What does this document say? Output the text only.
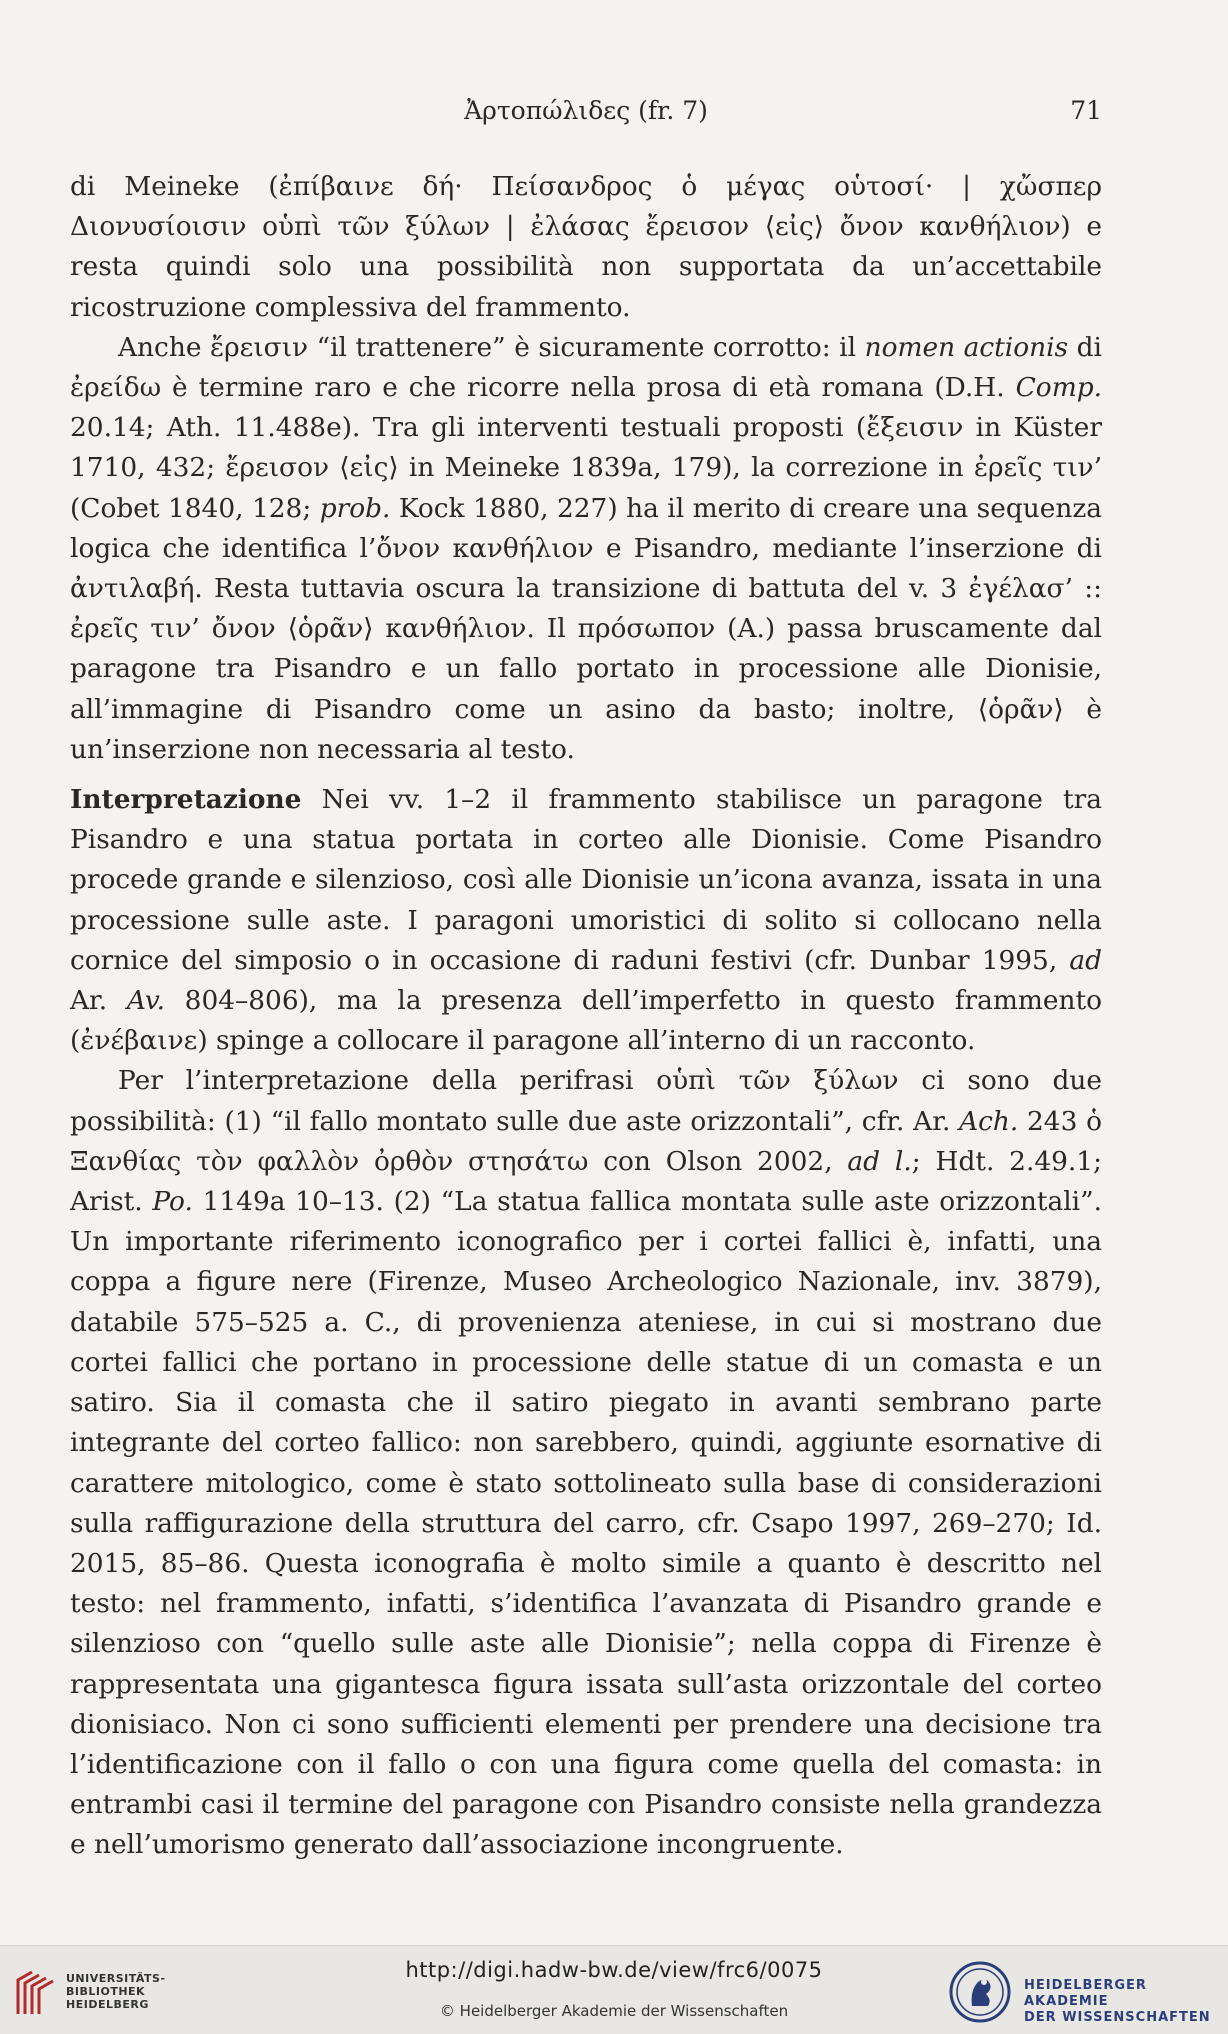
Ἀρτοπώλιδες (fr. 7)	71

di Meineke (ἐπίβαινε δή· Πείσανδρος ὁ μέγας οὑτοσί· | χὤσπερ Διονυσίοισιν οὑπὶ τῶν ξύλων | ἐλάσας ἔρεισον ⟨εἰς⟩ ὄνον κανθήλιον) e resta quindi solo una possibilità non supportata da un’accettabile ricostruzione complessiva del frammento.

Anche ἔρεισιν “il trattenere” è sicuramente corrotto: il nomen actionis di ἐρείδω è termine raro e che ricorre nella prosa di età romana (D.H. Comp. 20.14; Ath. 11.488e). Tra gli interventi testuali proposti (ἔξεισιν in Küster 1710, 432; ἔρεισον ⟨εἰς⟩ in Meineke 1839a, 179), la correzione in ἐρεῖς τιν’ (Cobet 1840, 128; prob. Kock 1880, 227) ha il merito di creare una sequenza logica che identifica l’ὄνον κανθήλιον e Pisandro, mediante l’inserzione di ἀντιλαβή. Resta tuttavia oscura la transizione di battuta del v. 3 ἐγέλασ’ :: ἐρεῖς τιν’ ὄνον ⟨ὁρᾶν⟩ κανθήλιον. Il πρόσωπον (A.) passa bruscamente dal paragone tra Pisandro e un fallo portato in processione alle Dionisie, all’immagine di Pisandro come un asino da basto; inoltre, ⟨ὁρᾶν⟩ è un’inserzione non necessaria al testo.

Interpretazione Nei vv. 1–2 il frammento stabilisce un paragone tra Pisandro e una statua portata in corteo alle Dionisie. Come Pisandro procede grande e silenzioso, così alle Dionisie un’icona avanza, issata in una processione sulle aste. I paragoni umoristici di solito si collocano nella cornice del simposio o in occasione di raduni festivi (cfr. Dunbar 1995, ad Ar. Av. 804–806), ma la presenza dell’imperfetto in questo frammento (ἐνέβαινε) spinge a collocare il paragone all’interno di un racconto.

Per l’interpretazione della perifrasi οὑπὶ τῶν ξύλων ci sono due possibilità: (1) “il fallo montato sulle due aste orizzontali”, cfr. Ar. Ach. 243 ὁ Ξανθίας τὸν φαλλὸν ὀρθὸν στησάτω con Olson 2002, ad l.; Hdt. 2.49.1; Arist. Po. 1149a 10–13. (2) “La statua fallica montata sulle aste orizzontali”. Un importante riferimento iconografico per i cortei fallici è, infatti, una coppa a figure nere (Firenze, Museo Archeologico Nazionale, inv. 3879), databile 575–525 a. C., di provenienza ateniese, in cui si mostrano due cortei fallici che portano in processione delle statue di un comasta e un satiro. Sia il comasta che il satiro piegato in avanti sembrano parte integrante del corteo fallico: non sarebbero, quindi, aggiunte esornative di carattere mitologico, come è stato sottolineato sulla base di considerazioni sulla raffigurazione della struttura del carro, cfr. Csapo 1997, 269–270; Id. 2015, 85–86. Questa iconografia è molto simile a quanto è descritto nel testo: nel frammento, infatti, s’identifica l’avanzata di Pisandro grande e silenzioso con “quello sulle aste alle Dionisie”; nella coppa di Firenze è rappresentata una gigantesca figura issata sull’asta orizzontale del corteo dionisiaco. Non ci sono sufficienti elementi per prendere una decisione tra l’identificazione con il fallo o con una figura come quella del comasta: in entrambi casi il termine del paragone con Pisandro consiste nella grandezza e nell’umorismo generato dall’associazione incongruente.

UNIVERSITÄTS-
BIBLIOTHEK
HEIDELBERG
http://digi.hadw-bw.de/view/frc6/0075
© Heidelberger Akademie der Wissenschaften
HEIDELBERGER AKADEMIE
DER WISSENSCHAFTEN
